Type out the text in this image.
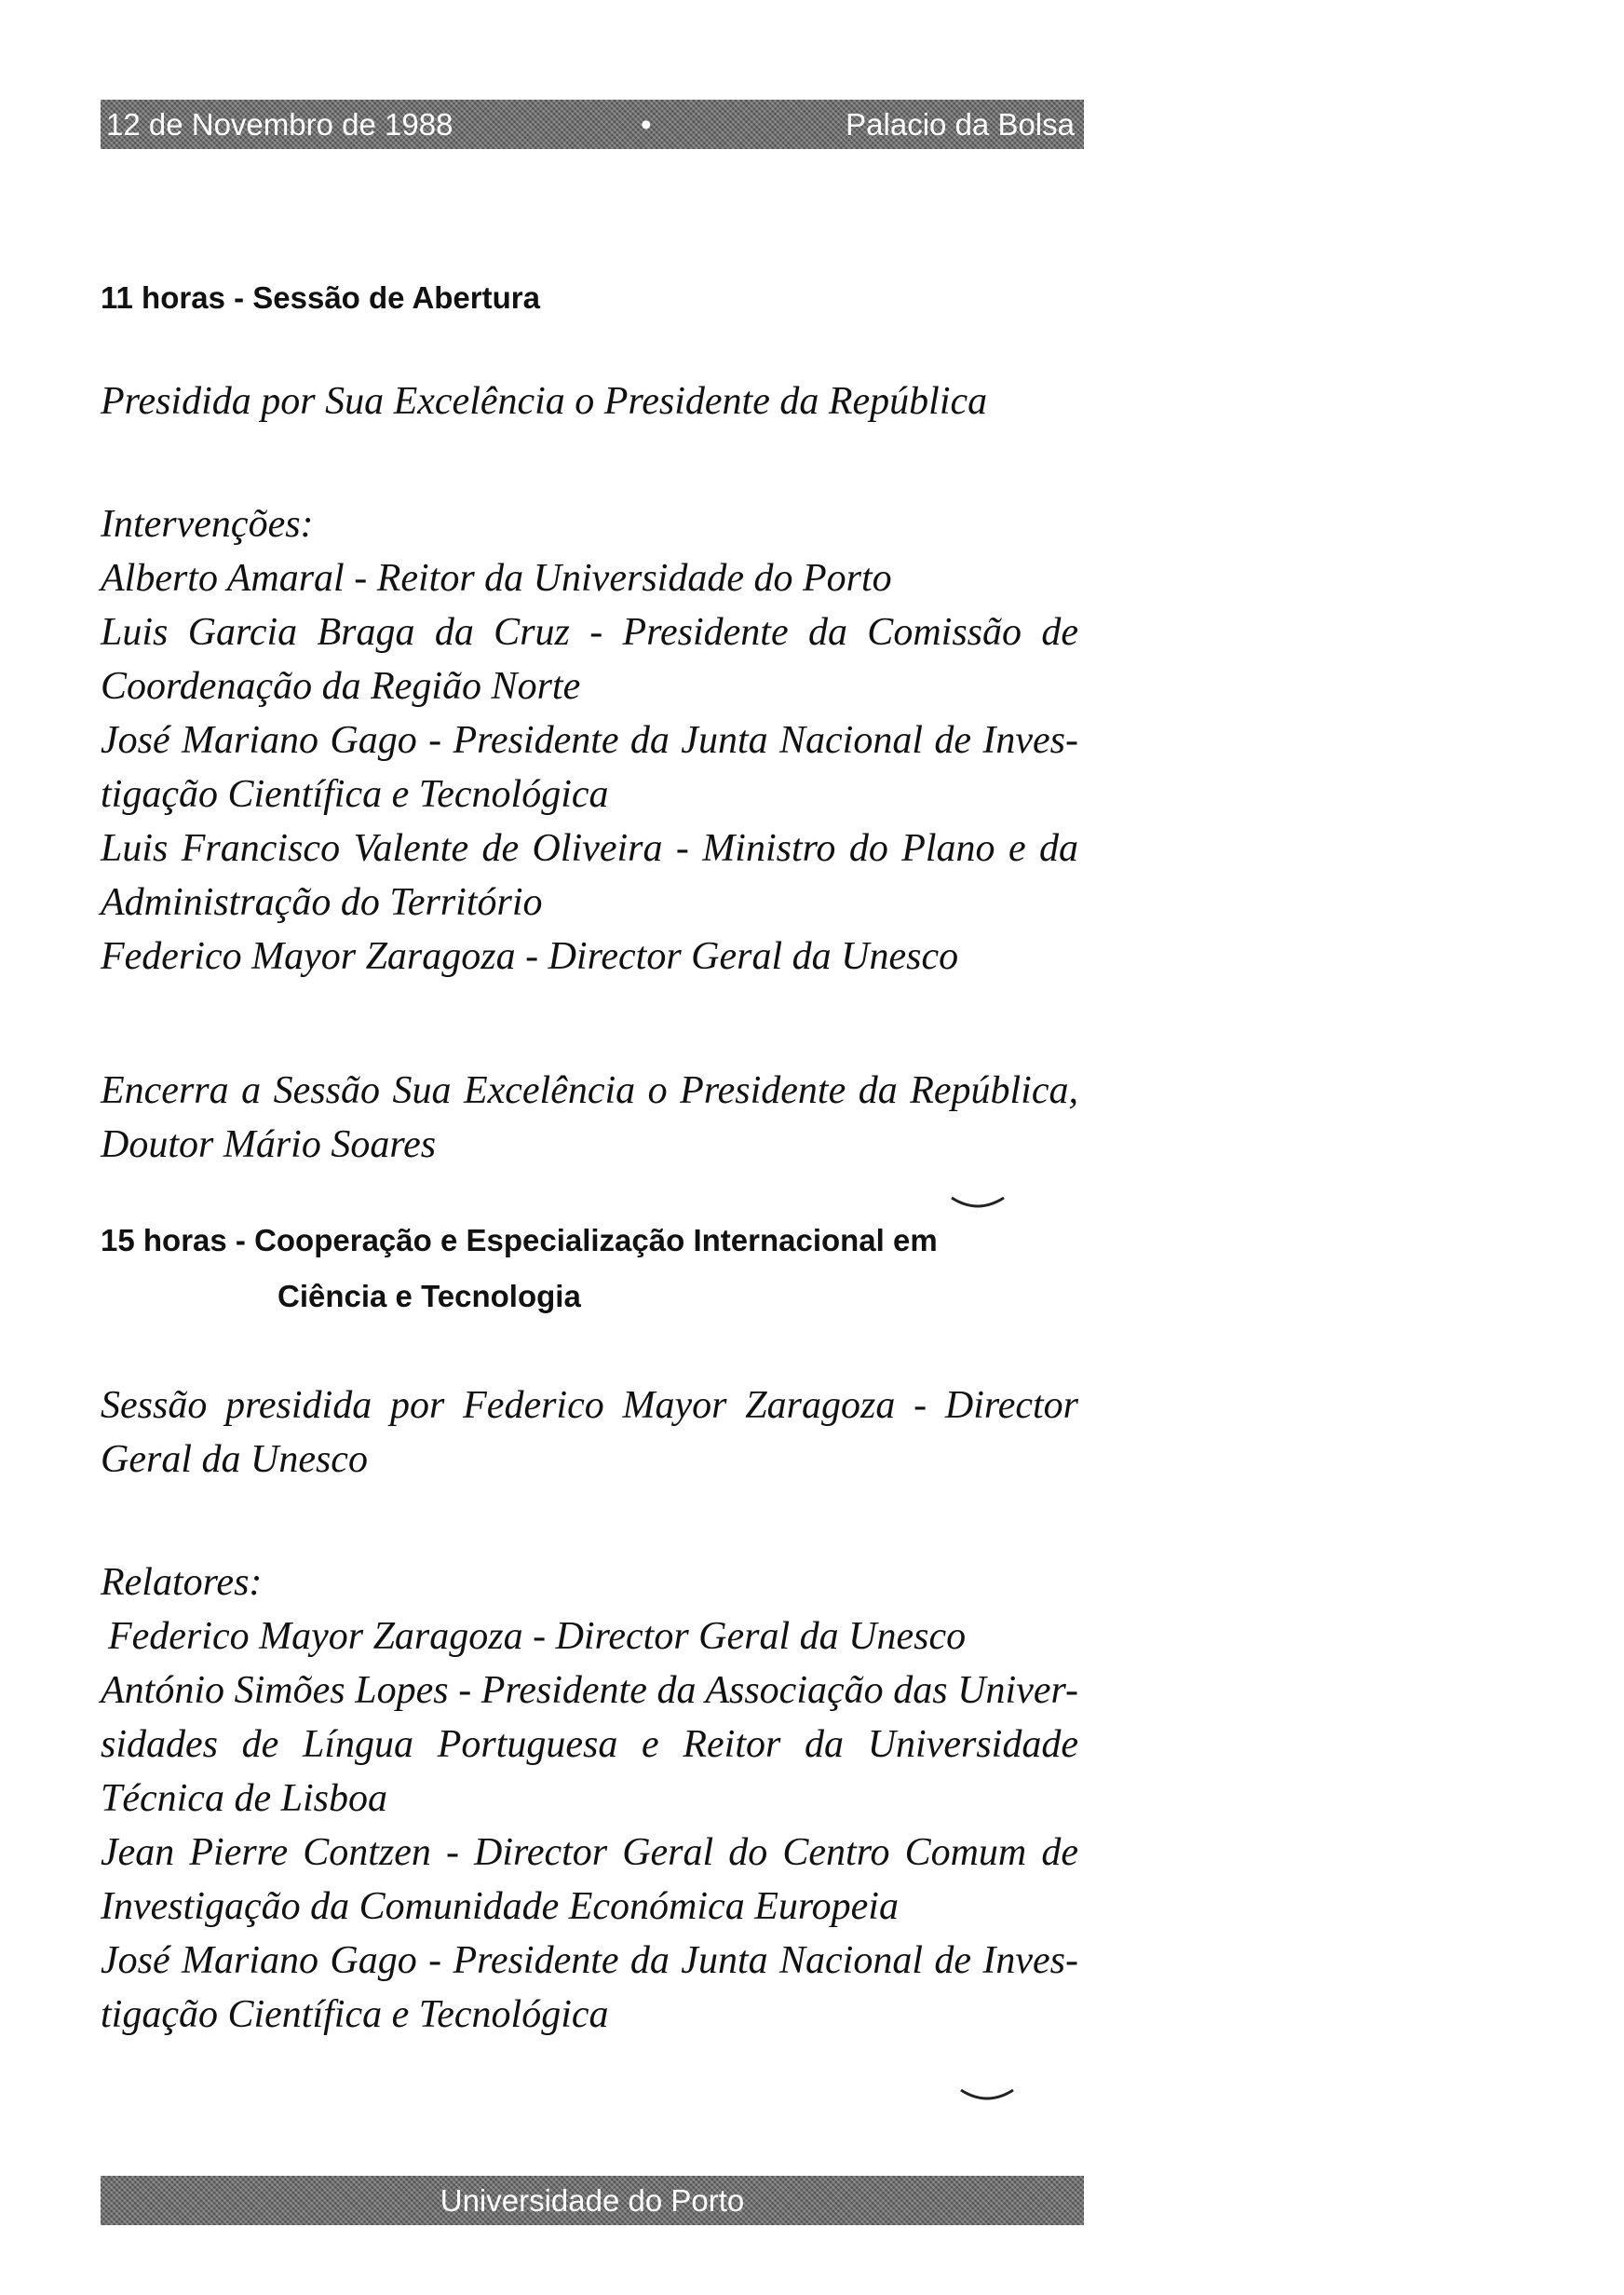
12 de Novembro de 1988	•	Palacio da Bolsa
11 horas - Sessão de Abertura
Presidida por Sua Excelência o Presidente da República
Intervenções:
Alberto Amaral - Reitor da Universidade do Porto
Luis Garcia Braga da Cruz - Presidente da Comissão de
Coordenação da Região Norte
José Mariano Gago - Presidente da Junta Nacional de Inves-
tigação Científica e Tecnológica
Luis Francisco Valente de Oliveira - Ministro do Plano e da
Administração do Território
Federico Mayor Zaragoza - Director Geral da Unesco
Encerra a Sessão Sua Excelência o Presidente da República,
Doutor Mário Soares
15 horas - Cooperação e Especialização Internacional em
Ciência e Tecnologia
Sessão presidida por Federico Mayor Zaragoza - Director
Geral da Unesco
Relatores:
Federico Mayor Zaragoza - Director Geral da Unesco
António Simões Lopes - Presidente da Associação das Univer-
sidades de Língua Portuguesa e Reitor da Universidade
Técnica de Lisboa
Jean Pierre Contzen - Director Geral do Centro Comum de
Investigação da Comunidade Económica Europeia
José Mariano Gago - Presidente da Junta Nacional de Inves-
tigação Científica e Tecnológica
Universidade do Porto
